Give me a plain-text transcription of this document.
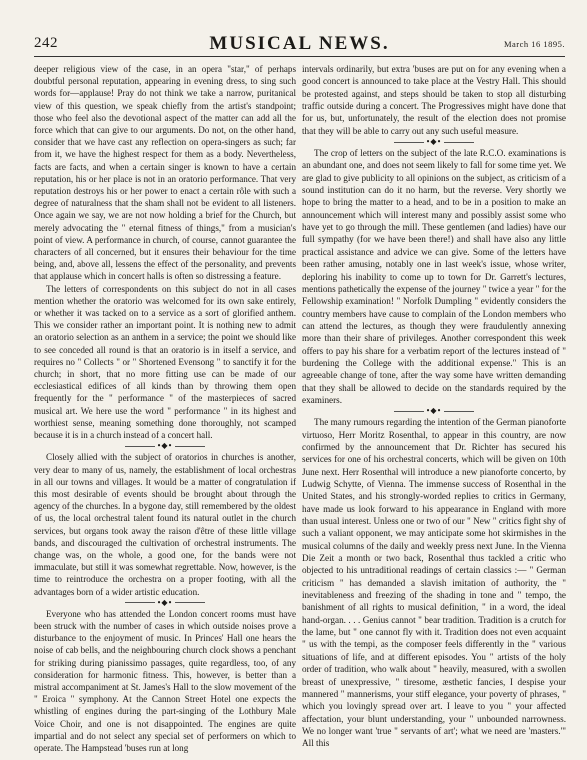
242	MUSICAL NEWS.	March 16 1895.

deeper religious view of the case, in an opera "star," of perhaps doubtful personal reputation, appearing in evening dress, to sing such words for—applause! Pray do not think we take a narrow, puritanical view of this question, we speak chiefly from the artist's standpoint; those who feel also the devotional aspect of the matter can add all the force which that can give to our arguments. Do not, on the other hand, consider that we have cast any reflection on opera-singers as such; far from it, we have the highest respect for them as a body. Nevertheless, facts are facts, and when a certain singer is known to have a certain reputation, his or her place is not in an oratorio performance. That very reputation destroys his or her power to enact a certain rôle with such a degree of naturalness that the sham shall not be evident to all listeners. Once again we say, we are not now holding a brief for the Church, but merely advocating the " eternal fitness of things," from a musician's point of view. A performance in church, of course, cannot guarantee the characters of all concerned, but it ensures their behaviour for the time being, and, above all, lessens the effect of the personality, and prevents that applause which in concert halls is often so distressing a feature.

The letters of correspondents on this subject do not in all cases mention whether the oratorio was welcomed for its own sake entirely, or whether it was tacked on to a service as a sort of glorified anthem. This we consider rather an important point. It is nothing new to admit an oratorio selection as an anthem in a service; the point we should like to see conceded all round is that an oratorio is in itself a service, and requires no " Collects " or " Shortened Evensong " to sanctify it for the church; in short, that no more fitting use can be made of our ecclesiastical edifices of all kinds than by throwing them open frequently for the " performance " of the masterpieces of sacred musical art. We here use the word " performance " in its highest and worthiest sense, meaning something done thoroughly, not scamped because it is in a church instead of a concert hall.

•◆•

Closely allied with the subject of oratorios in churches is another, very dear to many of us, namely, the establishment of local orchestras in all our towns and villages. It would be a matter of congratulation if this most desirable of events should be brought about through the agency of the churches. In a bygone day, still remembered by the oldest of us, the local orchestral talent found its natural outlet in the church services, but organs took away the raison d'être of these little village bands, and discouraged the cultivation of orchestral instruments. The change was, on the whole, a good one, for the bands were not immaculate, but still it was somewhat regrettable. Now, however, is the time to reintroduce the orchestra on a proper footing, with all the advantages born of a wider artistic education.

•◆•

Everyone who has attended the London concert rooms must have been struck with the number of cases in which outside noises prove a disturbance to the enjoyment of music. In Princes' Hall one hears the noise of cab bells, and the neighbouring church clock shows a penchant for striking during pianissimo passages, quite regardless, too, of any consideration for harmonic fitness. This, however, is better than a mistral accompaniment at St. James's Hall to the slow movement of the " Eroica " symphony. At the Cannon Street Hotel one expects the whistling of engines during the part-singing of the Lothbury Male Voice Choir, and one is not disappointed. The engines are quite impartial and do not select any special set of performers on which to operate. The Hampstead 'buses run at long

intervals ordinarily, but extra 'buses are put on for any evening when a good concert is announced to take place at the Vestry Hall. This should be protested against, and steps should be taken to stop all disturbing traffic outside during a concert. The Progressives might have done that for us, but, unfortunately, the result of the election does not promise that they will be able to carry out any such useful measure.

•◆•

The crop of letters on the subject of the late R.C.O. examinations is an abundant one, and does not seem likely to fall for some time yet. We are glad to give publicity to all opinions on the subject, as criticism of a sound institution can do it no harm, but the reverse. Very shortly we hope to bring the matter to a head, and to be in a position to make an announcement which will interest many and possibly assist some who have yet to go through the mill. These gentlemen (and ladies) have our full sympathy (for we have been there!) and shall have also any little practical assistance and advice we can give. Some of the letters have been rather amusing, notably one in last week's issue, whose writer, deploring his inability to come up to town for Dr. Garrett's lectures, mentions pathetically the expense of the journey " twice a year " for the Fellowship examination! " Norfolk Dumpling " evidently considers the country members have cause to complain of the London members who can attend the lectures, as though they were fraudulently annexing more than their share of privileges. Another correspondent this week offers to pay his share for a verbatim report of the lectures instead of " burdening the College with the additional expense." This is an agreeable change of tone, after the way some have written demanding that they shall be allowed to decide on the standards required by the examiners.

•◆•

The many rumours regarding the intention of the German pianoforte virtuoso, Herr Moritz Rosenthal, to appear in this country, are now confirmed by the announcement that Dr. Richter has secured his services for one of his orchestral concerts, which will be given on 10th June next. Herr Rosenthal will introduce a new pianoforte concerto, by Ludwig Schytte, of Vienna. The immense success of Rosenthal in the United States, and his strongly-worded replies to critics in Germany, have made us look forward to his appearance in England with more than usual interest. Unless one or two of our " New " critics fight shy of such a valiant opponent, we may anticipate some hot skirmishes in the musical columns of the daily and weekly press next June. In the Vienna Die Zeit a month or two back, Rosenthal thus tackled a critic who objected to his untraditional readings of certain classics :— " German criticism " has demanded a slavish imitation of authority, the " inevitableness and freezing of the shading in tone and " tempo, the banishment of all rights to musical definition, " in a word, the ideal hand-organ. . . . Genius cannot " bear tradition. Tradition is a crutch for the lame, but " one cannot fly with it. Tradition does not even acquaint " us with the tempi, as the composer feels differently in the " various situations of life, and at different episodes. You " artists of the holy order of tradition, who walk about " heavily, measured, with a swollen breast of unexpressive, " tiresome, æsthetic fancies, I despise your mannered " mannerisms, your stiff elegance, your poverty of phrases, " which you lovingly spread over art. I leave to you " your affected affectation, your blunt understanding, your " unbounded narrowness. We no longer want 'true " servants of art'; what we need are 'masters.'" All this
